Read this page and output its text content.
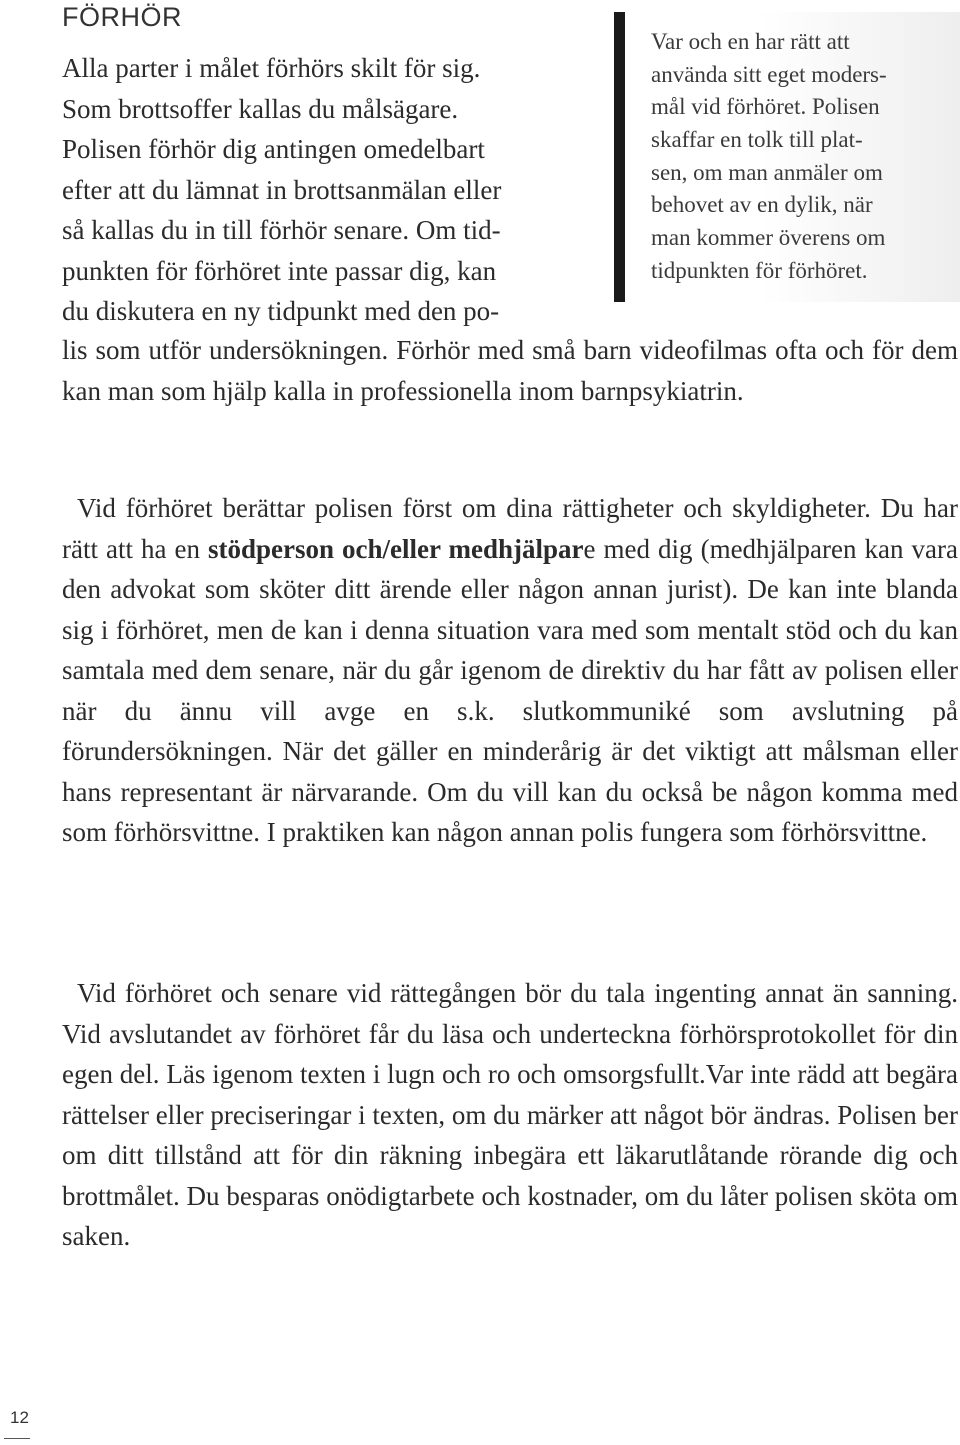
FÖRHÖR
Alla parter i målet förhörs skilt för sig.
Som brottsoffer kallas du målsägare.
Polisen förhör dig antingen omedelbart
efter att du lämnat in brottsanmälan eller
så kallas du in till förhör senare. Om tid-
punkten för förhöret inte passar dig, kan
du diskutera en ny tidpunkt med den po-
Var och en har rätt att
använda sitt eget moders-
mål vid förhöret. Polisen
skaffar en tolk till plat-
sen, om man anmäler om
behovet av en dylik, när
man kommer överens om
tidpunkten för förhöret.

lis som utför undersökningen. Förhör med små barn videofilmas ofta och för dem kan man som hjälp kalla in professionella inom barnpsykiatrin.

Vid förhöret berättar polisen först om dina rättigheter och skyldigheter. Du har rätt att ha en stödperson och/eller medhjälpare med dig (medhjälparen kan vara den advokat som sköter ditt ärende eller någon annan jurist). De kan inte blanda sig i förhöret, men de kan i denna situation vara med som mentalt stöd och du kan samtala med dem senare, när du går igenom de direktiv du har fått av polisen eller när du ännu vill avge en s.k. slutkommuniké som avslutning på förundersökningen. När det gäller en minderårig är det viktigt att målsman eller hans representant är närvarande. Om du vill kan du också be någon komma med som förhörsvittne. I praktiken kan någon annan polis fungera som förhörsvittne.

Vid förhöret och senare vid rättegången bör du tala ingenting annat än sanning. Vid avslutandet av förhöret får du läsa och underteckna förhörsprotokollet för din egen del. Läs igenom texten i lugn och ro och omsorgsfullt.Var inte rädd att begära rättelser eller preciseringar i texten, om du märker att något bör ändras. Polisen ber om ditt tillstånd att för din räkning inbegära ett läkarutlåtande rörande dig och brottmålet. Du besparas onödigtarbete och kostnader, om du låter polisen sköta om saken.

12
